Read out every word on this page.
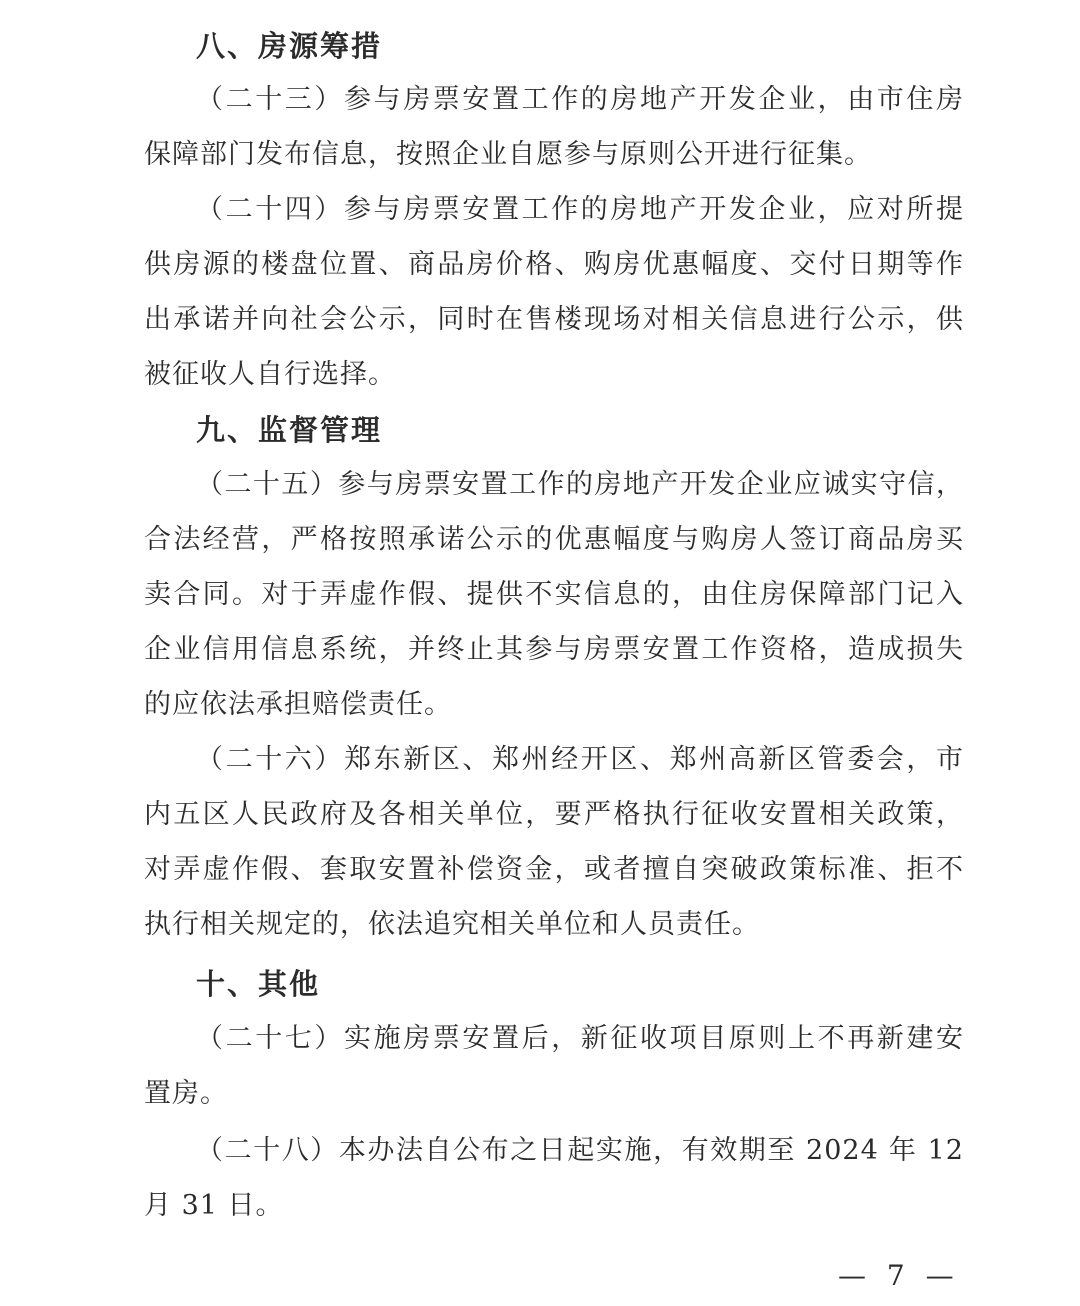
八、房源筹措
（二十三）参与房票安置工作的房地产开发企业，由市住房
保障部门发布信息，按照企业自愿参与原则公开进行征集。
（二十四）参与房票安置工作的房地产开发企业，应对所提
供房源的楼盘位置、商品房价格、购房优惠幅度、交付日期等作
出承诺并向社会公示，同时在售楼现场对相关信息进行公示，供
被征收人自行选择。
九、监督管理
（二十五）参与房票安置工作的房地产开发企业应诚实守信，
合法经营，严格按照承诺公示的优惠幅度与购房人签订商品房买
卖合同。对于弄虚作假、提供不实信息的，由住房保障部门记入
企业信用信息系统，并终止其参与房票安置工作资格，造成损失
的应依法承担赔偿责任。
（二十六）郑东新区、郑州经开区、郑州高新区管委会，市
内五区人民政府及各相关单位，要严格执行征收安置相关政策，
对弄虚作假、套取安置补偿资金，或者擅自突破政策标准、拒不
执行相关规定的，依法追究相关单位和人员责任。
十、其他
（二十七）实施房票安置后，新征收项目原则上不再新建安
置房。
（二十八）本办法自公布之日起实施，有效期至 2024 年 12
月 31 日。
— 7 —
